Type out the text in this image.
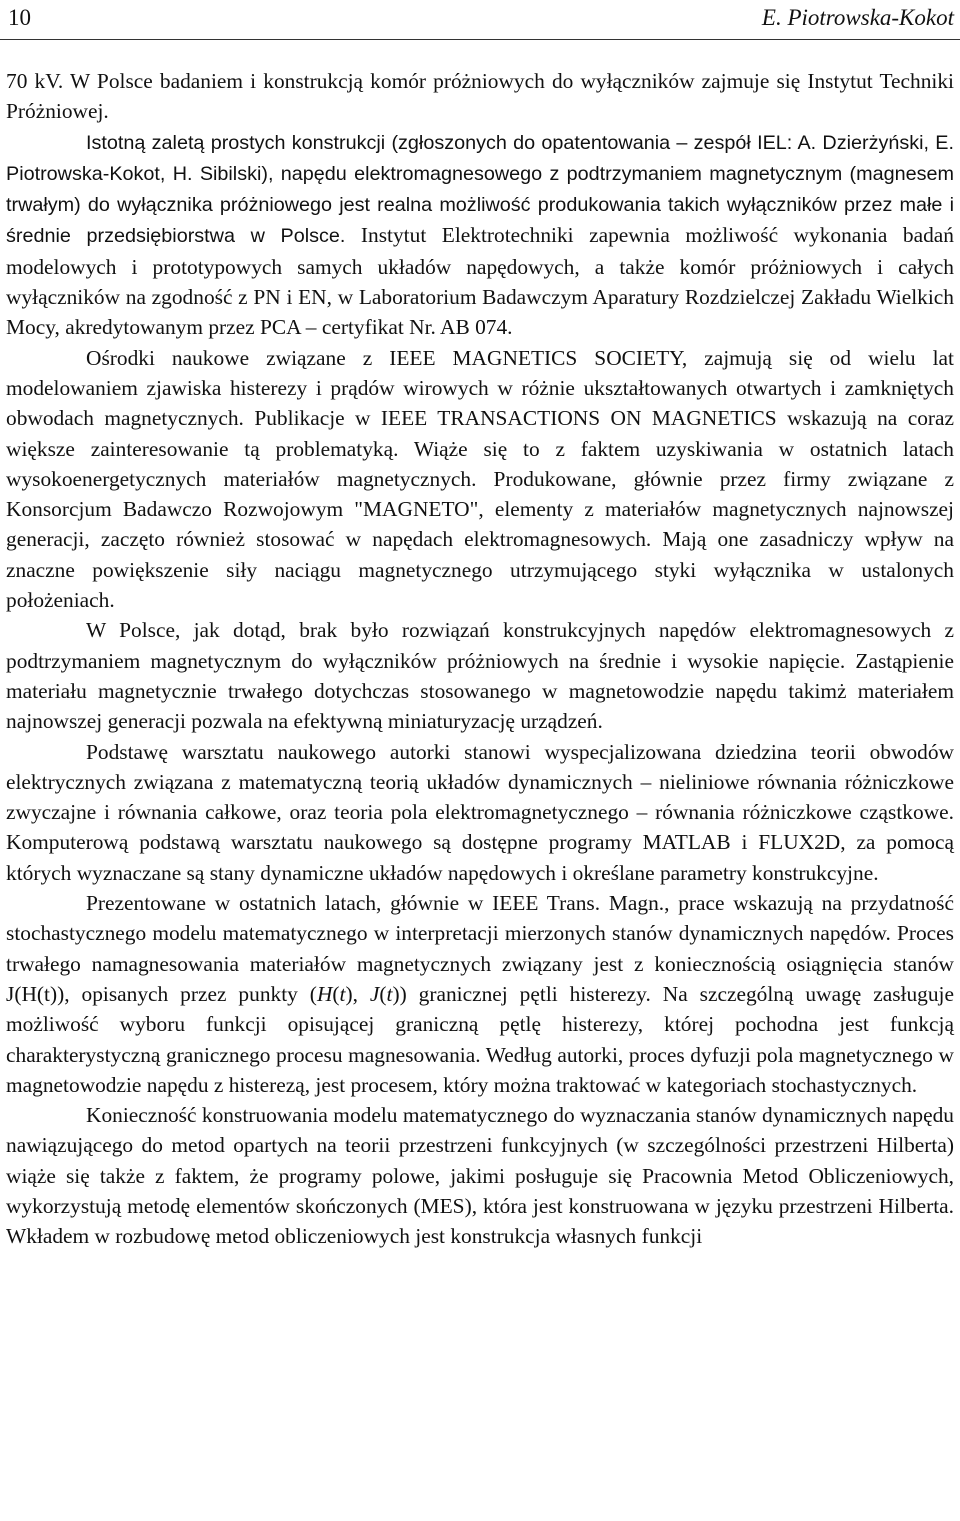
10	E. Piotrowska-Kokot

70 kV. W Polsce badaniem i konstrukcją komór próżniowych do wyłączników zajmuje się Instytut Techniki Próżniowej.

Istotną zaletą prostych konstrukcji (zgłoszonych do opatentowania – zespół IEL: A. Dzierżyński, E. Piotrowska-Kokot, H. Sibilski), napędu elektromagnesowego z podtrzymaniem magnetycznym (magnesem trwałym) do wyłącznika próżniowego jest realna możliwość produkowania takich wyłączników przez małe i średnie przedsiębiorstwa w Polsce. Instytut Elektrotechniki zapewnia możliwość wykonania badań modelowych i prototypowych samych układów napędowych, a także komór próżniowych i całych wyłączników na zgodność z PN i EN, w Laboratorium Badawczym Aparatury Rozdzielczej Zakładu Wielkich Mocy, akredytowanym przez PCA – certyfikat Nr. AB 074.

Ośrodki naukowe związane z IEEE MAGNETICS SOCIETY, zajmują się od wielu lat modelowaniem zjawiska histerezy i prądów wirowych w różnie ukształtowanych otwartych i zamkniętych obwodach magnetycznych. Publikacje w IEEE TRANSACTIONS ON MAGNETICS wskazują na coraz większe zainteresowanie tą problematyką. Wiąże się to z faktem uzyskiwania w ostatnich latach wysokoenergetycznych materiałów magnetycznych. Produkowane, głównie przez firmy związane z Konsorcjum Badawczo Rozwojowym "MAGNETO", elementy z materiałów magnetycznych najnowszej generacji, zaczęto również stosować w napędach elektromagnesowych. Mają one zasadniczy wpływ na znaczne powiększenie siły naciągu magnetycznego utrzymującego styki wyłącznika w ustalonych położeniach.

W Polsce, jak dotąd, brak było rozwiązań konstrukcyjnych napędów elektromagnesowych z podtrzymaniem magnetycznym do wyłączników próżniowych na średnie i wysokie napięcie. Zastąpienie materiału magnetycznie trwałego dotychczas stosowanego w magnetowodzie napędu takimż materiałem najnowszej generacji pozwala na efektywną miniaturyzację urządzeń.

Podstawę warsztatu naukowego autorki stanowi wyspecjalizowana dziedzina teorii obwodów elektrycznych związana z matematyczną teorią układów dynamicznych – nieliniowe równania różniczkowe zwyczajne i równania całkowe, oraz teoria pola elektromagnetycznego – równania różniczkowe cząstkowe. Komputerową podstawą warsztatu naukowego są dostępne programy MATLAB i FLUX2D, za pomocą których wyznaczane są stany dynamiczne układów napędowych i określane parametry konstrukcyjne.

Prezentowane w ostatnich latach, głównie w IEEE Trans. Magn., prace wskazują na przydatność stochastycznego modelu matematycznego w interpretacji mierzonych stanów dynamicznych napędów. Proces trwałego namagnesowania materiałów magnetycznych związany jest z koniecznością osiągnięcia stanów J(H(t)), opisanych przez punkty (H(t), J(t)) granicznej pętli histerezy. Na szczególną uwagę zasługuje możliwość wyboru funkcji opisującej graniczną pętlę histerezy, której pochodna jest funkcją charakterystyczną granicznego procesu magnesowania. Według autorki, proces dyfuzji pola magnetycznego w magnetowodzie napędu z histerezą, jest procesem, który można traktować w kategoriach stochastycznych.

Konieczność konstruowania modelu matematycznego do wyznaczania stanów dynamicznych napędu nawiązującego do metod opartych na teorii przestrzeni funkcyjnych (w szczególności przestrzeni Hilberta) wiąże się także z faktem, że programy polowe, jakimi posługuje się Pracownia Metod Obliczeniowych, wykorzystują metodę elementów skończonych (MES), która jest konstruowana w języku przestrzeni Hilberta. Wkładem w rozbudowę metod obliczeniowych jest konstrukcja własnych funkcji
